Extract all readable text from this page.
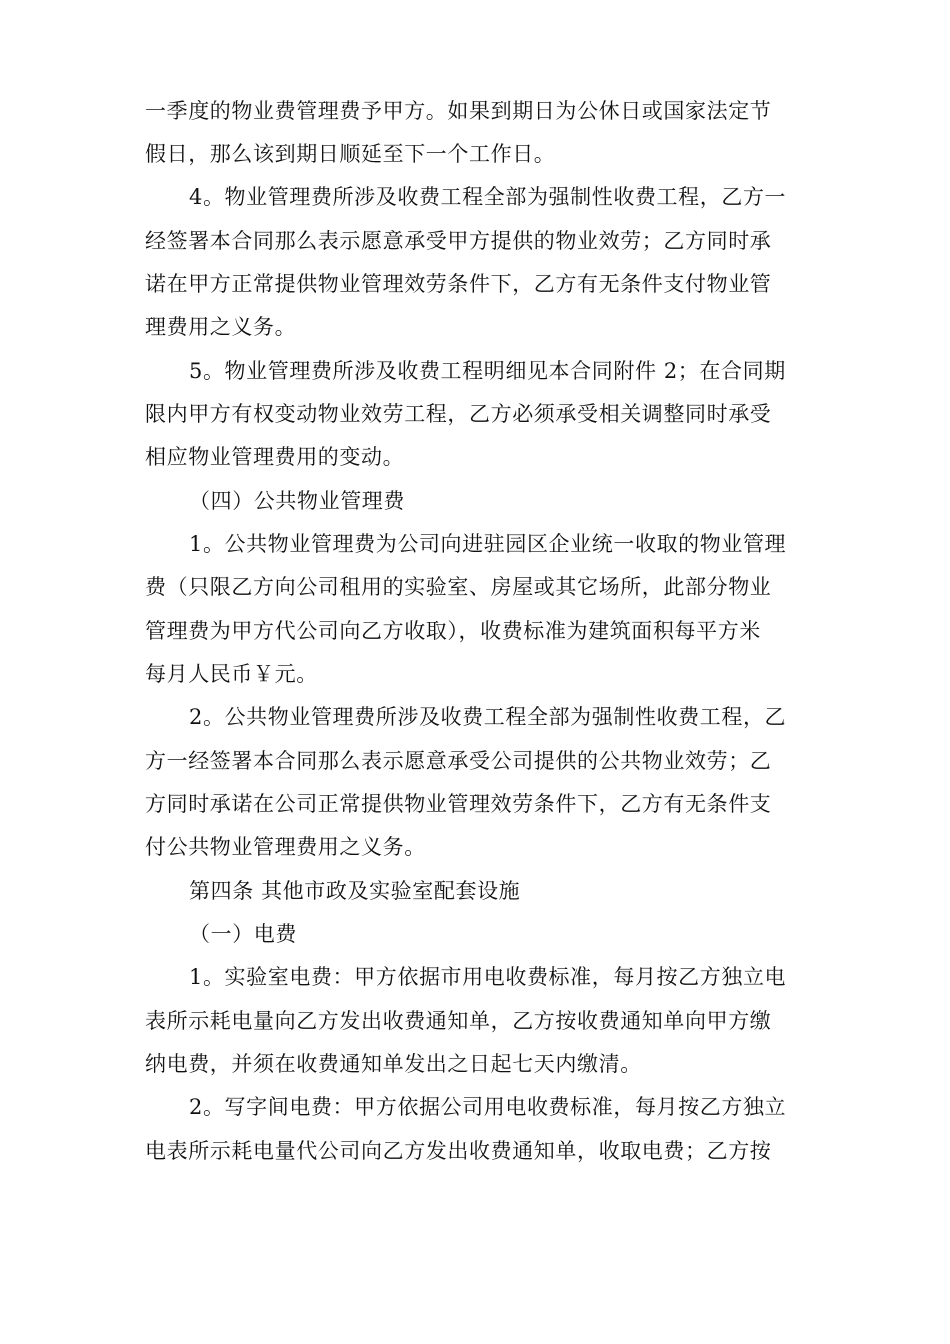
一季度的物业费管理费予甲方。如果到期日为公休日或国家法定节
假日，那么该到期日顺延至下一个工作日。
4。物业管理费所涉及收费工程全部为强制性收费工程，乙方一
经签署本合同那么表示愿意承受甲方提供的物业效劳；乙方同时承
诺在甲方正常提供物业管理效劳条件下，乙方有无条件支付物业管
理费用之义务。
5。物业管理费所涉及收费工程明细见本合同附件 2；在合同期
限内甲方有权变动物业效劳工程，乙方必须承受相关调整同时承受
相应物业管理费用的变动。
（四）公共物业管理费
1。公共物业管理费为公司向进驻园区企业统一收取的物业管理
费（只限乙方向公司租用的实验室、房屋或其它场所，此部分物业
管理费为甲方代公司向乙方收取），收费标准为建筑面积每平方米
每月人民币￥元。
2。公共物业管理费所涉及收费工程全部为强制性收费工程，乙
方一经签署本合同那么表示愿意承受公司提供的公共物业效劳；乙
方同时承诺在公司正常提供物业管理效劳条件下，乙方有无条件支
付公共物业管理费用之义务。
第四条 其他市政及实验室配套设施
（一）电费
1。实验室电费：甲方依据市用电收费标准，每月按乙方独立电
表所示耗电量向乙方发出收费通知单，乙方按收费通知单向甲方缴
纳电费，并须在收费通知单发出之日起七天内缴清。
2。写字间电费：甲方依据公司用电收费标准，每月按乙方独立
电表所示耗电量代公司向乙方发出收费通知单，收取电费；乙方按
